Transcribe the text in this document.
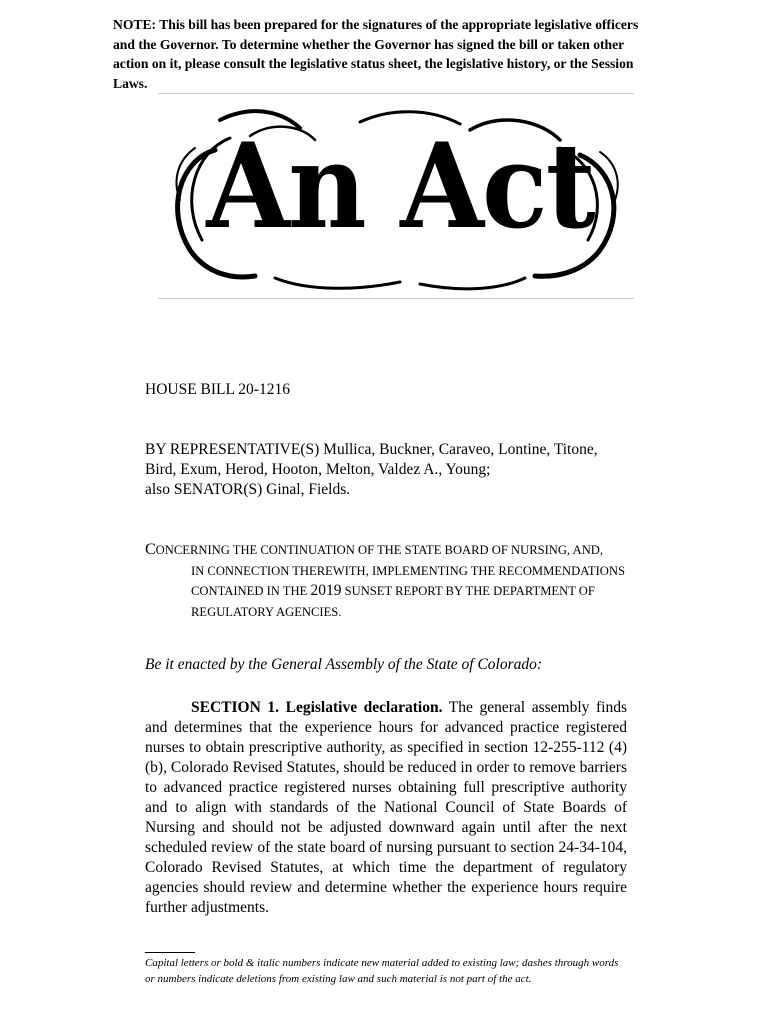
NOTE: This bill has been prepared for the signatures of the appropriate legislative officers and the Governor. To determine whether the Governor has signed the bill or taken other action on it, please consult the legislative status sheet, the legislative history, or the Session Laws.
An Act
HOUSE BILL 20-1216
BY REPRESENTATIVE(S) Mullica, Buckner, Caraveo, Lontine, Titone,
Bird, Exum, Herod, Hooton, Melton, Valdez A., Young;
also SENATOR(S) Ginal, Fields.
CONCERNING THE CONTINUATION OF THE STATE BOARD OF NURSING, AND,
IN CONNECTION THEREWITH, IMPLEMENTING THE RECOMMENDATIONS
CONTAINED IN THE 2019 SUNSET REPORT BY THE DEPARTMENT OF
REGULATORY AGENCIES.
Be it enacted by the General Assembly of the State of Colorado:
SECTION 1. Legislative declaration. The general assembly finds and determines that the experience hours for advanced practice registered nurses to obtain prescriptive authority, as specified in section 12-255-112 (4)(b), Colorado Revised Statutes, should be reduced in order to remove barriers to advanced practice registered nurses obtaining full prescriptive authority and to align with standards of the National Council of State Boards of Nursing and should not be adjusted downward again until after the next scheduled review of the state board of nursing pursuant to section 24-34-104, Colorado Revised Statutes, at which time the department of regulatory agencies should review and determine whether the experience hours require further adjustments.
Capital letters or bold & italic numbers indicate new material added to existing law; dashes through words or numbers indicate deletions from existing law and such material is not part of the act.
